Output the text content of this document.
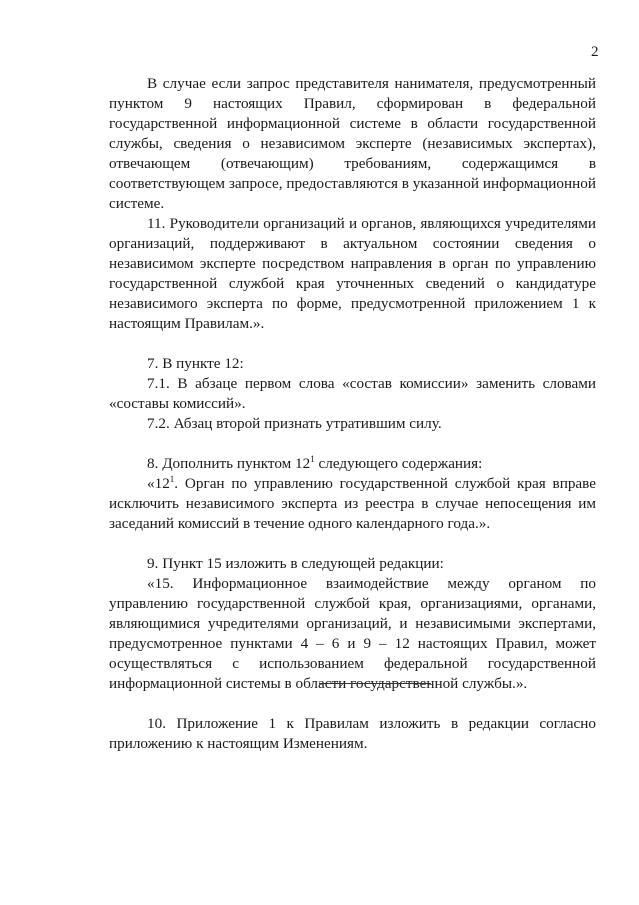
2

В случае если запрос представителя нанимателя, предусмотренный пунктом 9 настоящих Правил, сформирован в федеральной государственной информационной системе в области государственной службы, сведения о независимом эксперте (независимых экспертах), отвечающем (отвечающим) требованиям, содержащимся в соответствующем запросе, предоставляются в указанной информационной системе.

11. Руководители организаций и органов, являющихся учредителями организаций, поддерживают в актуальном состоянии сведения о независимом эксперте посредством направления в орган по управлению государственной службой края уточненных сведений о кандидатуре независимого эксперта по форме, предусмотренной приложением 1 к настоящим Правилам.».

7. В пункте 12:

7.1. В абзаце первом слова «состав комиссии» заменить словами «составы комиссий».

7.2. Абзац второй признать утратившим силу.

8. Дополнить пунктом $12^1$ следующего содержания:

«$12^1$. Орган по управлению государственной службой края вправе исключить независимого эксперта из реестра в случае непосещения им заседаний комиссий в течение одного календарного года.».

9. Пункт 15 изложить в следующей редакции:

«15. Информационное взаимодействие между органом по управлению государственной службой края, организациями, органами, являющимися учредителями организаций, и независимыми экспертами, предусмотренное пунктами 4 – 6 и 9 – 12 настоящих Правил, может осуществляться с использованием федеральной государственной информационной системы в области государственной службы.».

10. Приложение 1 к Правилам изложить в редакции согласно приложению к настоящим Изменениям.
